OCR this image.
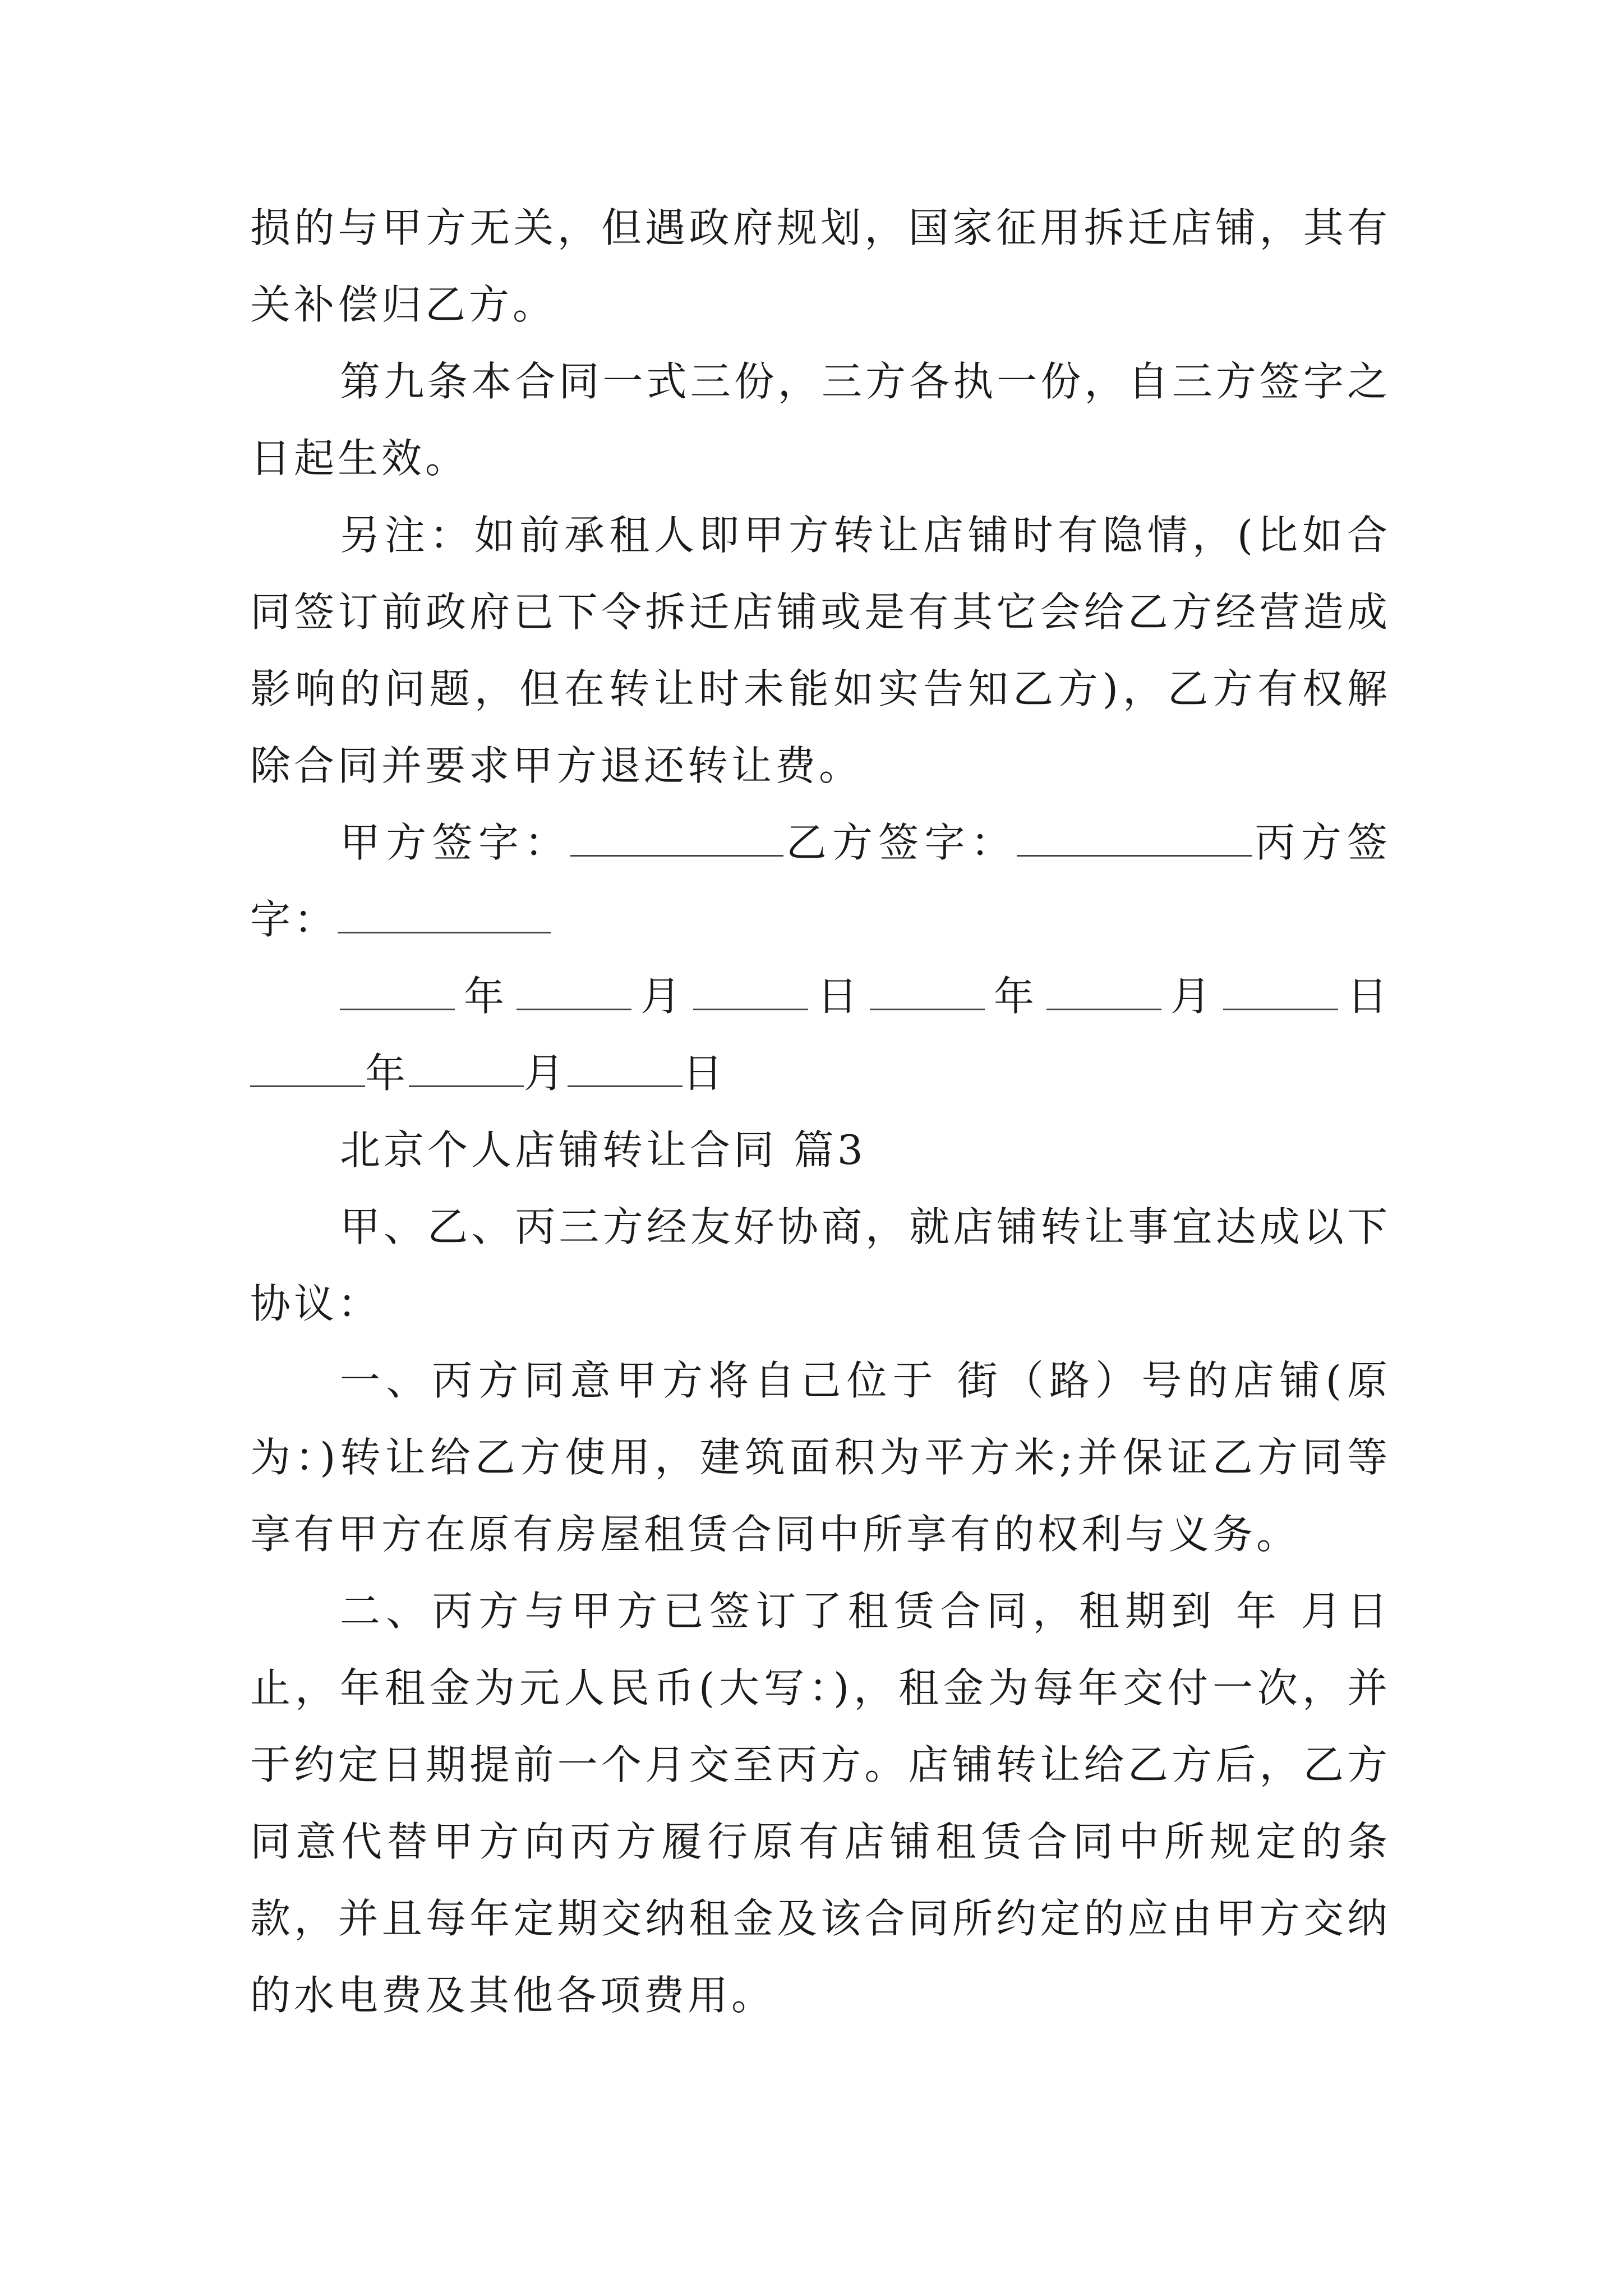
损的与甲方无关，但遇政府规划，国家征用拆迁店铺，其有关补偿归乙方。

第九条本合同一式三份，三方各执一份，自三方签字之日起生效。

另注：如前承租人即甲方转让店铺时有隐情，(比如合同签订前政府已下令拆迁店铺或是有其它会给乙方经营造成影响的问题，但在转让时未能如实告知乙方)，乙方有权解除合同并要求甲方退还转让费。

甲方签字：	乙方签字：	丙方签字：

年	月	日	年	月	日年	月	日

北京个人店铺转让合同 篇3

甲、乙、丙三方经友好协商，就店铺转让事宜达成以下协议：

一、丙方同意甲方将自己位于 街（路）号的店铺(原为：)转让给乙方使用，建筑面积为平方米;并保证乙方同等享有甲方在原有房屋租赁合同中所享有的权利与义务。

二、丙方与甲方已签订了租赁合同，租期到 年 月日止，年租金为元人民币(大写：)，租金为每年交付一次，并于约定日期提前一个月交至丙方。店铺转让给乙方后，乙方同意代替甲方向丙方履行原有店铺租赁合同中所规定的条款，并且每年定期交纳租金及该合同所约定的应由甲方交纳的水电费及其他各项费用。
